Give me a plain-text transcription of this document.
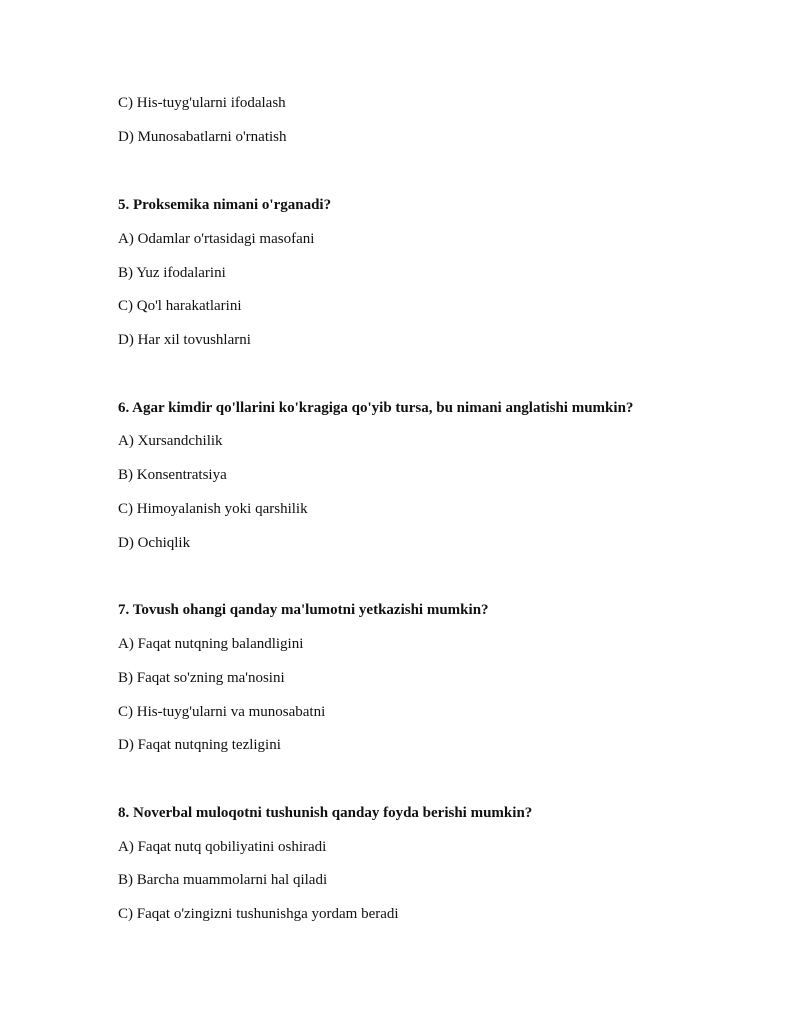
C) His-tuyg'ularni ifodalash
D) Munosabatlarni o'rnatish
5. Proksemika nimani o'rganadi?
A) Odamlar o'rtasidagi masofani
B) Yuz ifodalarini
C) Qo'l harakatlarini
D) Har xil tovushlarni
6. Agar kimdir qo'llarini ko'kragiga qo'yib tursa, bu nimani anglatishi mumkin?
A) Xursandchilik
B) Konsentratsiya
C) Himoyalanish yoki qarshilik
D) Ochiqlik
7. Tovush ohangi qanday ma'lumotni yetkazishi mumkin?
A) Faqat nutqning balandligini
B) Faqat so'zning ma'nosini
C) His-tuyg'ularni va munosabatni
D) Faqat nutqning tezligini
8. Noverbal muloqotni tushunish qanday foyda berishi mumkin?
A) Faqat nutq qobiliyatini oshiradi
B) Barcha muammolarni hal qiladi
C) Faqat o'zingizni tushunishga yordam beradi
